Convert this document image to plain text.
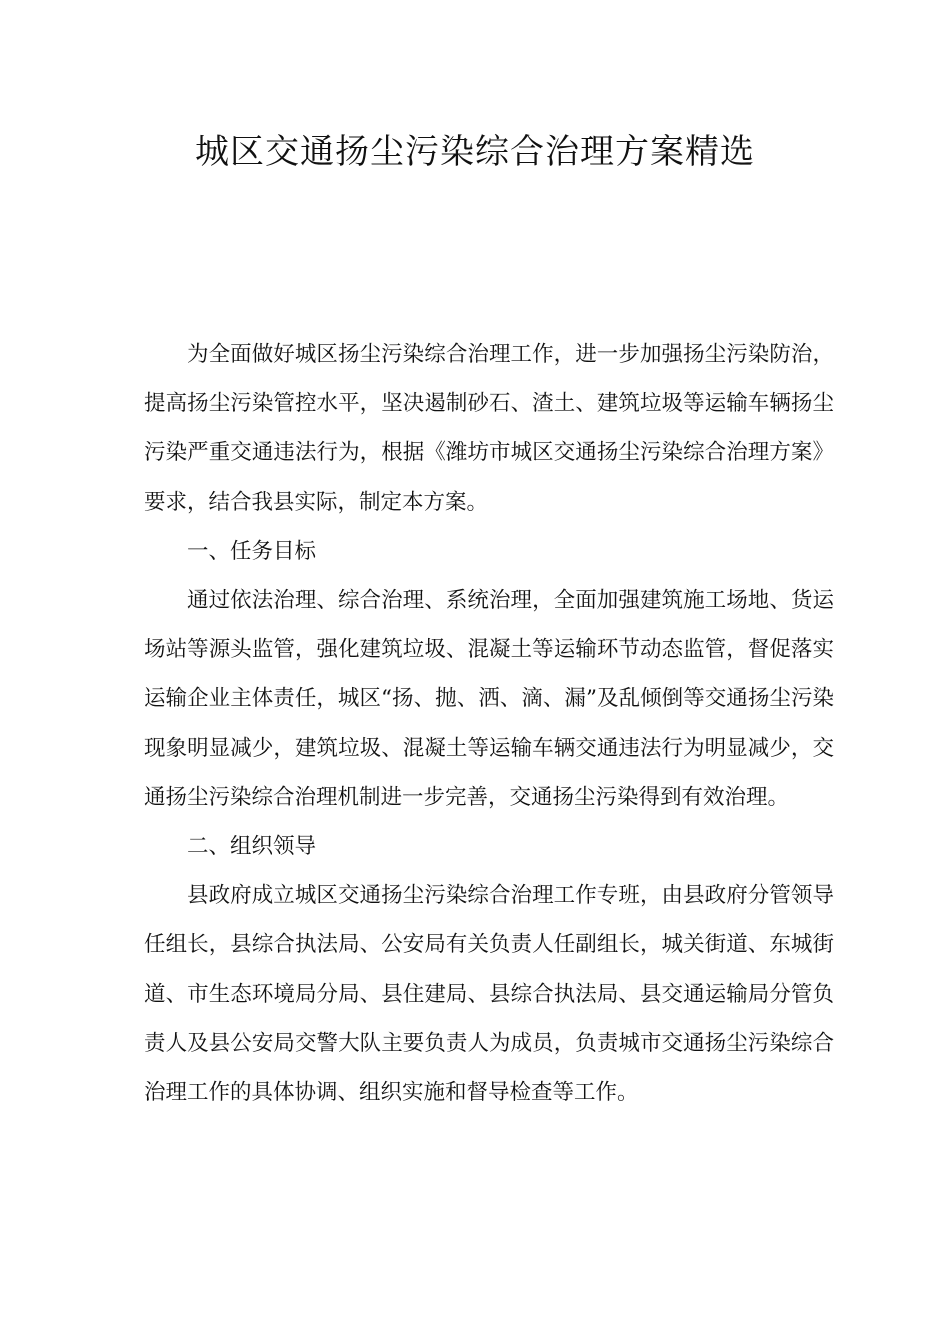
城区交通扬尘污染综合治理方案精选

为全面做好城区扬尘污染综合治理工作，进一步加强扬尘污染防治，提高扬尘污染管控水平，坚决遏制砂石、渣土、建筑垃圾等运输车辆扬尘污染严重交通违法行为，根据《潍坊市城区交通扬尘污染综合治理方案》要求，结合我县实际，制定本方案。

一、任务目标

通过依法治理、综合治理、系统治理，全面加强建筑施工场地、货运场站等源头监管，强化建筑垃圾、混凝土等运输环节动态监管，督促落实运输企业主体责任，城区“扬、抛、洒、滴、漏”及乱倾倒等交通扬尘污染现象明显减少，建筑垃圾、混凝土等运输车辆交通违法行为明显减少，交通扬尘污染综合治理机制进一步完善，交通扬尘污染得到有效治理。

二、组织领导

县政府成立城区交通扬尘污染综合治理工作专班，由县政府分管领导任组长，县综合执法局、公安局有关负责人任副组长，城关街道、东城街道、市生态环境局分局、县住建局、县综合执法局、县交通运输局分管负责人及县公安局交警大队主要负责人为成员，负责城市交通扬尘污染综合治理工作的具体协调、组织实施和督导检查等工作。
